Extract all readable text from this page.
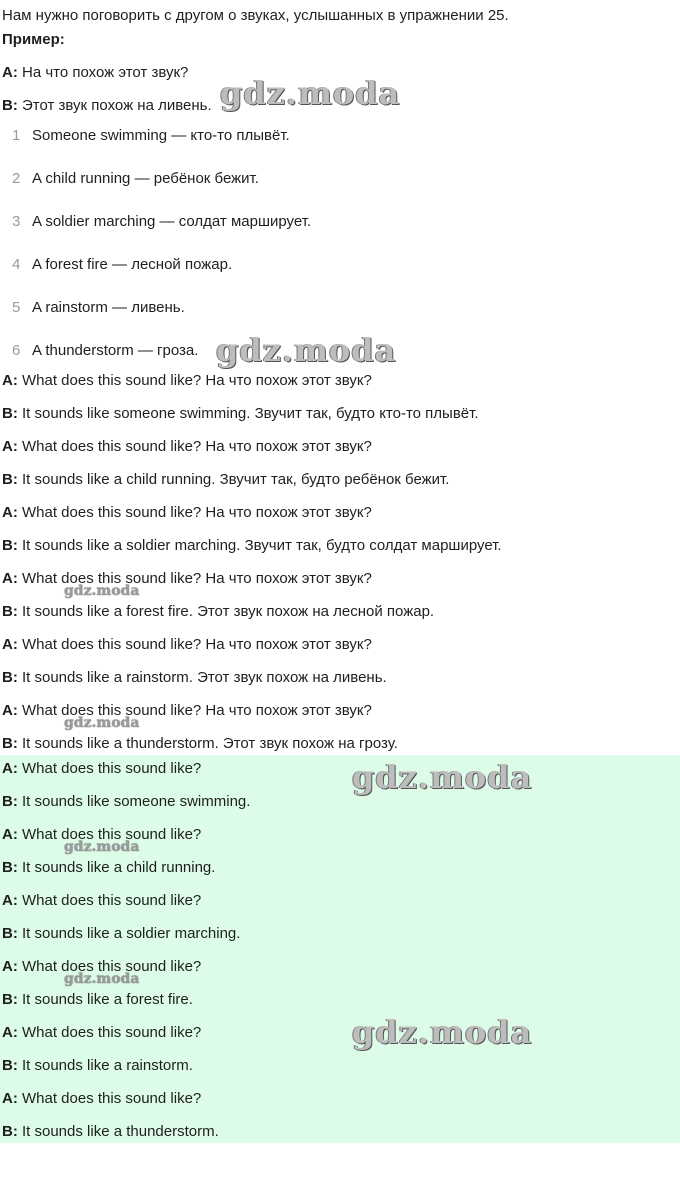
Нам нужно поговорить с другом о звуках, услышанных в упражнении 25.
Пример:
A: На что похож этот звук?
B: Этот звук похож на ливень.
1 Someone swimming — кто-то плывёт.
2 A child running — ребёнок бежит.
3 A soldier marching — солдат марширует.
4 A forest fire — лесной пожар.
5 A rainstorm — ливень.
6 A thunderstorm — гроза.
A: What does this sound like? На что похож этот звук?
B: It sounds like someone swimming. Звучит так, будто кто-то плывёт.
A: What does this sound like? На что похож этот звук?
B: It sounds like a child running. Звучит так, будто ребёнок бежит.
A: What does this sound like? На что похож этот звук?
B: It sounds like a soldier marching. Звучит так, будто солдат марширует.
A: What does this sound like? На что похож этот звук?
B: It sounds like a forest fire. Этот звук похож на лесной пожар.
A: What does this sound like? На что похож этот звук?
B: It sounds like a rainstorm. Этот звук похож на ливень.
A: What does this sound like? На что похож этот звук?
B: It sounds like a thunderstorm. Этот звук похож на грозу.
A: What does this sound like?
B: It sounds like someone swimming.
A: What does this sound like?
B: It sounds like a child running.
A: What does this sound like?
B: It sounds like a soldier marching.
A: What does this sound like?
B: It sounds like a forest fire.
A: What does this sound like?
B: It sounds like a rainstorm.
A: What does this sound like?
B: It sounds like a thunderstorm.
gdz.moda
gdz.moda
gdz.moda
gdz.moda
gdz.moda
gdz.moda
gdz.moda
gdz.moda
